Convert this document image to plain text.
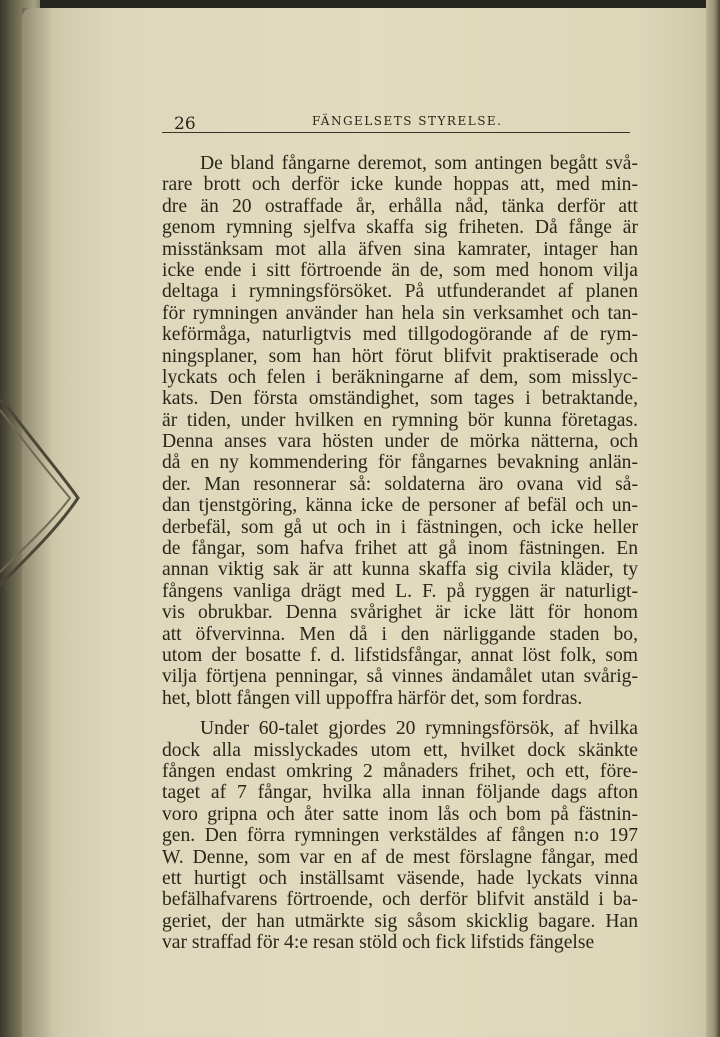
26	FÄNGELSETS STYRELSE.
De bland fångarne deremot, som antingen begått svå-
rare brott och derför icke kunde hoppas att, med min-
dre än 20 ostraffade år, erhålla nåd, tänka derför att
genom rymning sjelfva skaffa sig friheten. Då fånge är
misstänksam mot alla äfven sina kamrater, intager han
icke ende i sitt förtroende än de, som med honom vilja
deltaga i rymningsförsöket. På utfunderandet af planen
för rymningen använder han hela sin verksamhet och tan-
keförmåga, naturligtvis med tillgodogörande af de rym-
ningsplaner, som han hört förut blifvit praktiserade och
lyckats och felen i beräkningarne af dem, som misslyc-
kats. Den första omständighet, som tages i betraktande,
är tiden, under hvilken en rymning bör kunna företagas.
Denna anses vara hösten under de mörka nätterna, och
då en ny kommendering för fångarnes bevakning anlän-
der. Man resonnerar så: soldaterna äro ovana vid så-
dan tjenstgöring, känna icke de personer af befäl och un-
derbefäl, som gå ut och in i fästningen, och icke heller
de fångar, som hafva frihet att gå inom fästningen. En
annan viktig sak är att kunna skaffa sig civila kläder, ty
fångens vanliga drägt med L. F. på ryggen är naturligt-
vis obrukbar. Denna svårighet är icke lätt för honom
att öfvervinna. Men då i den närliggande staden bo,
utom der bosatte f. d. lifstidsfångar, annat löst folk, som
vilja förtjena penningar, så vinnes ändamålet utan svårig-
het, blott fången vill uppoffra härför det, som fordras.
Under 60-talet gjordes 20 rymningsförsök, af hvilka
dock alla misslyckades utom ett, hvilket dock skänkte
fången endast omkring 2 månaders frihet, och ett, före-
taget af 7 fångar, hvilka alla innan följande dags afton
voro gripna och åter satte inom lås och bom på fästnin-
gen. Den förra rymningen verkstäldes af fången n:o 197
W. Denne, som var en af de mest förslagne fångar, med
ett hurtigt och inställsamt väsende, hade lyckats vinna
befälhafvarens förtroende, och derför blifvit anstäld i ba-
geriet, der han utmärkte sig såsom skicklig bagare. Han
var straffad för 4:e resan stöld och fick lifstids fängelse
